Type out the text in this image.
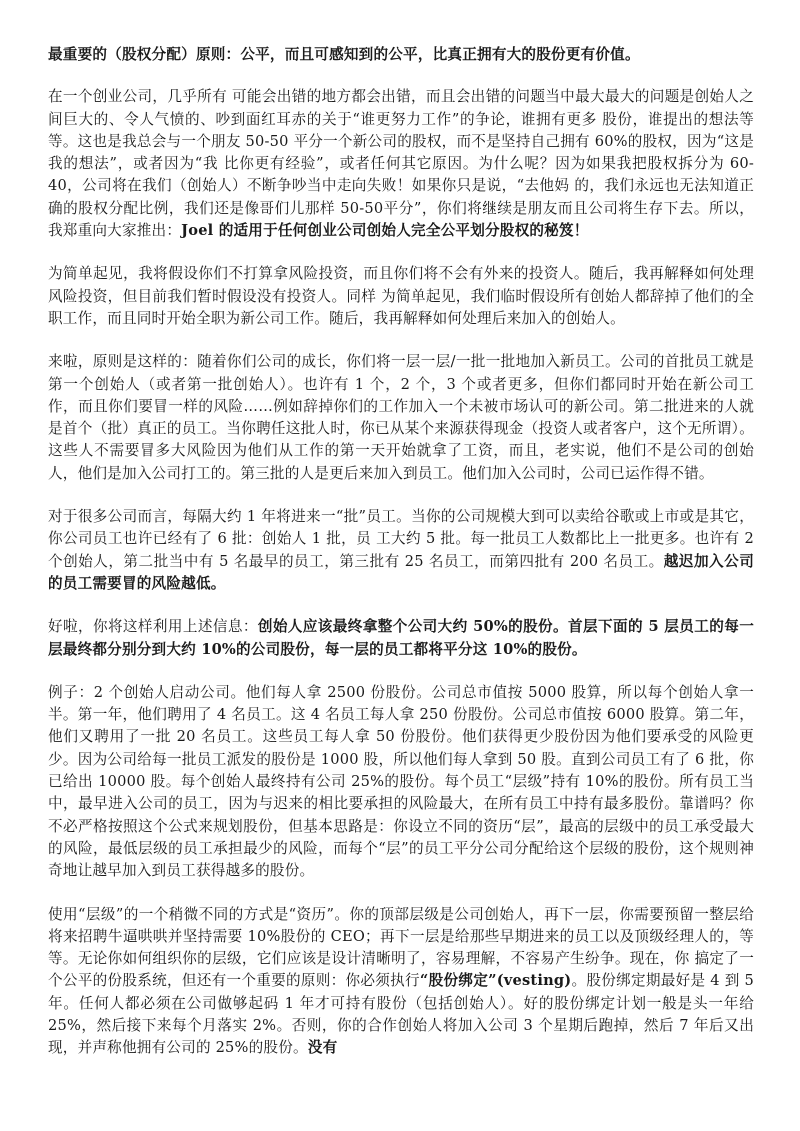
最重要的（股权分配）原则：公平，而且可感知到的公平，比真正拥有大的股份更有价值。

在一个创业公司，几乎所有 可能会出错的地方都会出错，而且会出错的问题当中最大最大的问题是创始人之间巨大的、令人气愤的、吵到面红耳赤的关于“谁更努力工作”的争论，谁拥有更多 股份，谁提出的想法等等。这也是我总会与一个朋友 50-50 平分一个新公司的股权，而不是坚持自己拥有 60%的股权，因为“这是我的想法”，或者因为“我 比你更有经验”，或者任何其它原因。为什么呢？因为如果我把股权拆分为 60-40，公司将在我们（创始人）不断争吵当中走向失败！如果你只是说，“去他妈 的，我们永远也无法知道正确的股权分配比例，我们还是像哥们儿那样 50-50平分”，你们将继续是朋友而且公司将生存下去。所以，我郑重向大家推出：Joel 的适用于任何创业公司创始人完全公平划分股权的秘笈！

为简单起见，我将假设你们不打算拿风险投资，而且你们将不会有外来的投资人。随后，我再解释如何处理风险投资，但目前我们暂时假设没有投资人。同样 为简单起见，我们临时假设所有创始人都辞掉了他们的全职工作，而且同时开始全职为新公司工作。随后，我再解释如何处理后来加入的创始人。

来啦，原则是这样的：随着你们公司的成长，你们将一层一层/一批一批地加入新员工。公司的首批员工就是第一个创始人（或者第一批创始人）。也许有 1 个，2 个，3 个或者更多，但你们都同时开始在新公司工作，而且你们要冒一样的风险……例如辞掉你们的工作加入一个未被市场认可的新公司。第二批进来的人就是首个（批）真正的员工。当你聘任这批人时，你已从某个来源获得现金（投资人或者客户，这个无所谓）。这些人不需要冒多大风险因为他们从工作的第一天开始就拿了工资，而且，老实说，他们不是公司的创始人，他们是加入公司打工的。第三批的人是更后来加入到员工。他们加入公司时，公司已运作得不错。

对于很多公司而言，每隔大约 1 年将进来一“批”员工。当你的公司规模大到可以卖给谷歌或上市或是其它，你公司员工也许已经有了 6 批：创始人 1 批，员 工大约 5 批。每一批员工人数都比上一批更多。也许有 2 个创始人，第二批当中有 5 名最早的员工，第三批有 25 名员工，而第四批有 200 名员工。越迟加入公司的员工需要冒的风险越低。

好啦，你将这样利用上述信息：创始人应该最终拿整个公司大约 50%的股份。首层下面的 5 层员工的每一层最终都分别分到大约 10%的公司股份，每一层的员工都将平分这 10%的股份。

例子：2 个创始人启动公司。他们每人拿 2500 份股份。公司总市值按 5000 股算，所以每个创始人拿一半。第一年，他们聘用了 4 名员工。这 4 名员工每人拿 250 份股份。公司总市值按 6000 股算。第二年，他们又聘用了一批 20 名员工。这些员工每人拿 50 份股份。他们获得更少股份因为他们要承受的风险更少。因为公司给每一批员工派发的股份是 1000 股，所以他们每人拿到 50 股。直到公司员工有了 6 批，你已给出 10000 股。每个创始人最终持有公司 25%的股份。每个员工“层级”持有 10%的股份。所有员工当中，最早进入公司的员工，因为与迟来的相比要承担的风险最大，在所有员工中持有最多股份。靠谱吗？你不必严格按照这个公式来规划股份，但基本思路是：你设立不同的资历“层”，最高的层级中的员工承受最大的风险，最低层级的员工承担最少的风险，而每个“层”的员工平分公司分配给这个层级的股份，这个规则神奇地让越早加入到员工获得越多的股份。

使用“层级”的一个稍微不同的方式是“资历”。你的顶部层级是公司创始人，再下一层，你需要预留一整层给将来招聘牛逼哄哄并坚持需要 10%股份的 CEO；再下一层是给那些早期进来的员工以及顶级经理人的，等等。无论你如何组织你的层级，它们应该是设计清晰明了，容易理解，不容易产生纷争。现在，你 搞定了一个公平的份股系统，但还有一个重要的原则：你必须执行“股份绑定”(vesting)。股份绑定期最好是 4 到 5 年。任何人都必须在公司做够起码 1 年才可持有股份（包括创始人）。好的股份绑定计划一般是头一年给 25%，然后接下来每个月落实 2%。否则，你的合作创始人将加入公司 3 个星期后跑掉，然后 7 年后又出现，并声称他拥有公司的 25%的股份。没有
